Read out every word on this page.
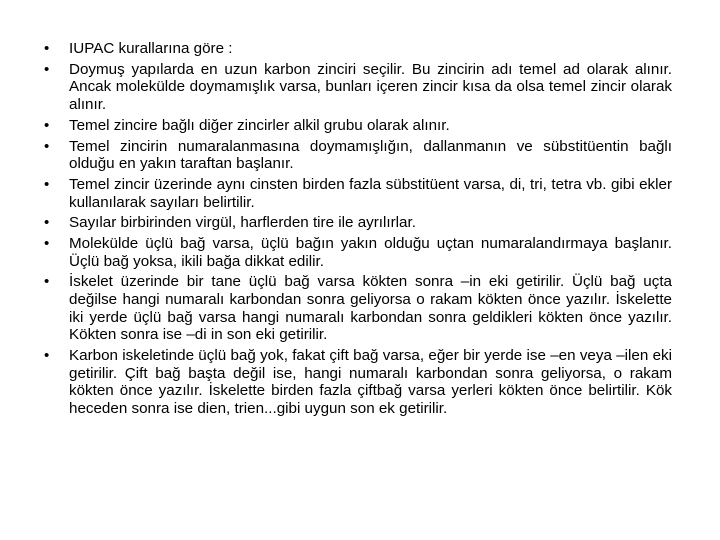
• IUPAC kurallarına göre :
• Doymuş yapılarda en uzun karbon zinciri seçilir. Bu zincirin adı temel ad olarak alınır. Ancak molekülde doymamışlık varsa, bunları içeren zincir kısa da olsa temel zincir olarak alınır.
• Temel zincire bağlı diğer zincirler alkil grubu olarak alınır.
• Temel zincirin numaralanmasına doymamışlığın, dallanmanın ve sübstitüentin bağlı olduğu en yakın taraftan başlanır.
• Temel zincir üzerinde aynı cinsten birden fazla sübstitüent varsa, di, tri, tetra vb. gibi ekler kullanılarak sayıları belirtilir.
• Sayılar birbirinden virgül, harflerden tire ile ayrılırlar.
• Molekülde üçlü bağ varsa, üçlü bağın yakın olduğu uçtan numaralandırmaya başlanır. Üçlü bağ yoksa, ikili bağa dikkat edilir.
• İskelet üzerinde bir tane üçlü bağ varsa kökten sonra –in eki getirilir. Üçlü bağ uçta değilse hangi numaralı karbondan sonra geliyorsa o rakam kökten önce yazılır. İskelette iki yerde üçlü bağ varsa hangi numaralı karbondan sonra geldikleri kökten önce yazılır. Kökten sonra ise –di in son eki getirilir.
• Karbon iskeletinde üçlü bağ yok, fakat çift bağ varsa, eğer bir yerde ise –en veya –ilen eki getirilir. Çift bağ başta değil ise, hangi numaralı karbondan sonra geliyorsa, o rakam kökten önce yazılır. İskelette birden fazla çiftbağ varsa yerleri kökten önce belirtilir. Kök heceden sonra ise dien, trien...gibi uygun son ek getirilir.
